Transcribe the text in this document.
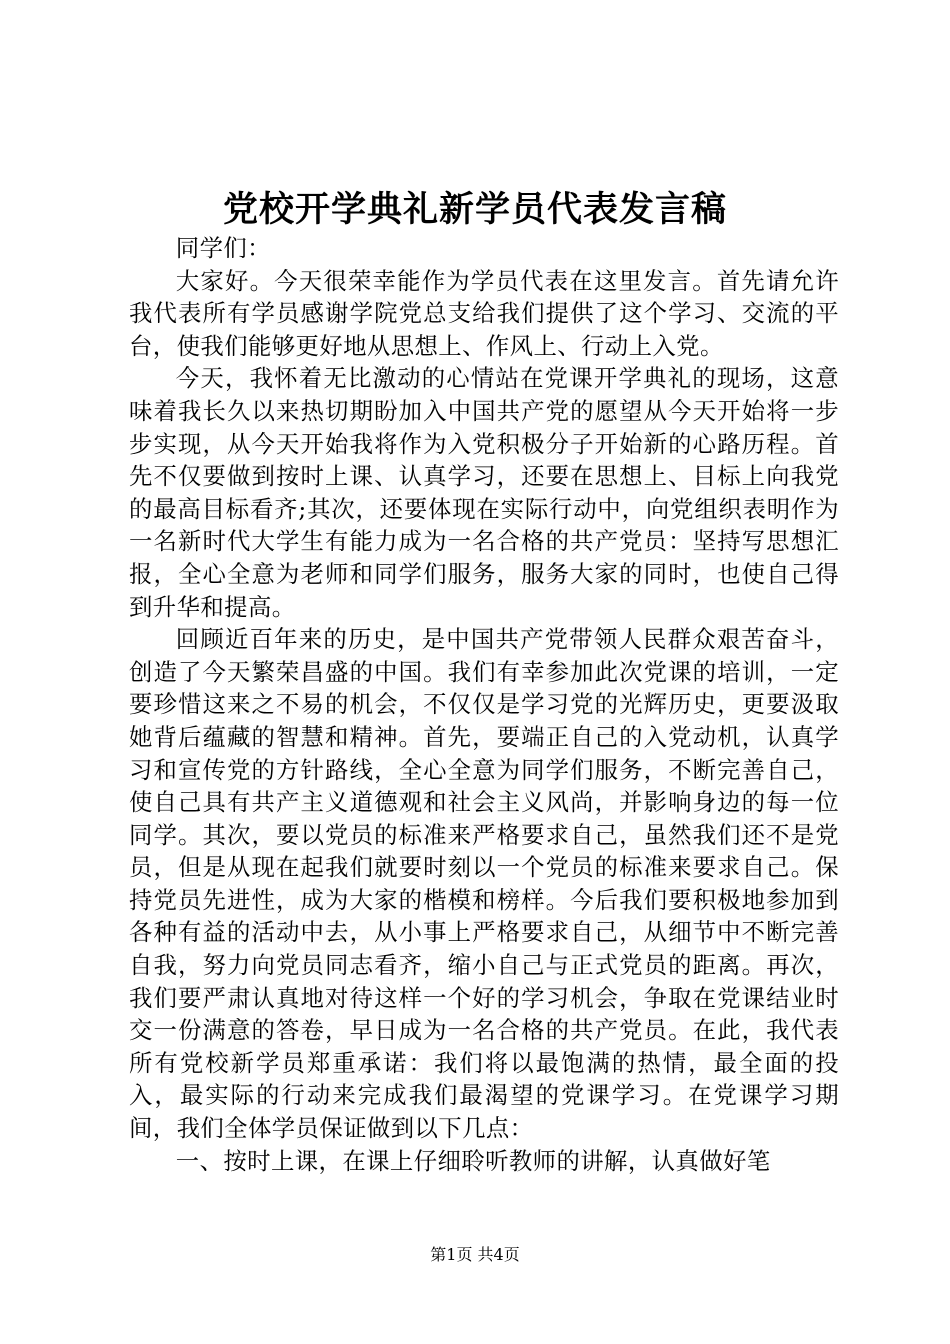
党校开学典礼新学员代表发言稿

同学们：

大家好。今天很荣幸能作为学员代表在这里发言。首先请允许我代表所有学员感谢学院党总支给我们提供了这个学习、交流的平台，使我们能够更好地从思想上、作风上、行动上入党。

今天，我怀着无比激动的心情站在党课开学典礼的现场，这意味着我长久以来热切期盼加入中国共产党的愿望从今天开始将一步步实现，从今天开始我将作为入党积极分子开始新的心路历程。首先不仅要做到按时上课、认真学习，还要在思想上、目标上向我党的最高目标看齐;其次，还要体现在实际行动中，向党组织表明作为一名新时代大学生有能力成为一名合格的共产党员：坚持写思想汇报，全心全意为老师和同学们服务，服务大家的同时，也使自己得到升华和提高。

回顾近百年来的历史，是中国共产党带领人民群众艰苦奋斗，创造了今天繁荣昌盛的中国。我们有幸参加此次党课的培训，一定要珍惜这来之不易的机会，不仅仅是学习党的光辉历史，更要汲取她背后蕴藏的智慧和精神。首先，要端正自己的入党动机，认真学习和宣传党的方针路线，全心全意为同学们服务，不断完善自己，使自己具有共产主义道德观和社会主义风尚，并影响身边的每一位同学。其次，要以党员的标准来严格要求自己，虽然我们还不是党员，但是从现在起我们就要时刻以一个党员的标准来要求自己。保持党员先进性，成为大家的楷模和榜样。今后我们要积极地参加到各种有益的活动中去，从小事上严格要求自己，从细节中不断完善自我，努力向党员同志看齐，缩小自己与正式党员的距离。再次，我们要严肃认真地对待这样一个好的学习机会，争取在党课结业时交一份满意的答卷，早日成为一名合格的共产党员。在此，我代表所有党校新学员郑重承诺：我们将以最饱满的热情，最全面的投入，最实际的行动来完成我们最渴望的党课学习。在党课学习期间，我们全体学员保证做到以下几点：

一、按时上课，在课上仔细聆听教师的讲解，认真做好笔

第1页 共4页
